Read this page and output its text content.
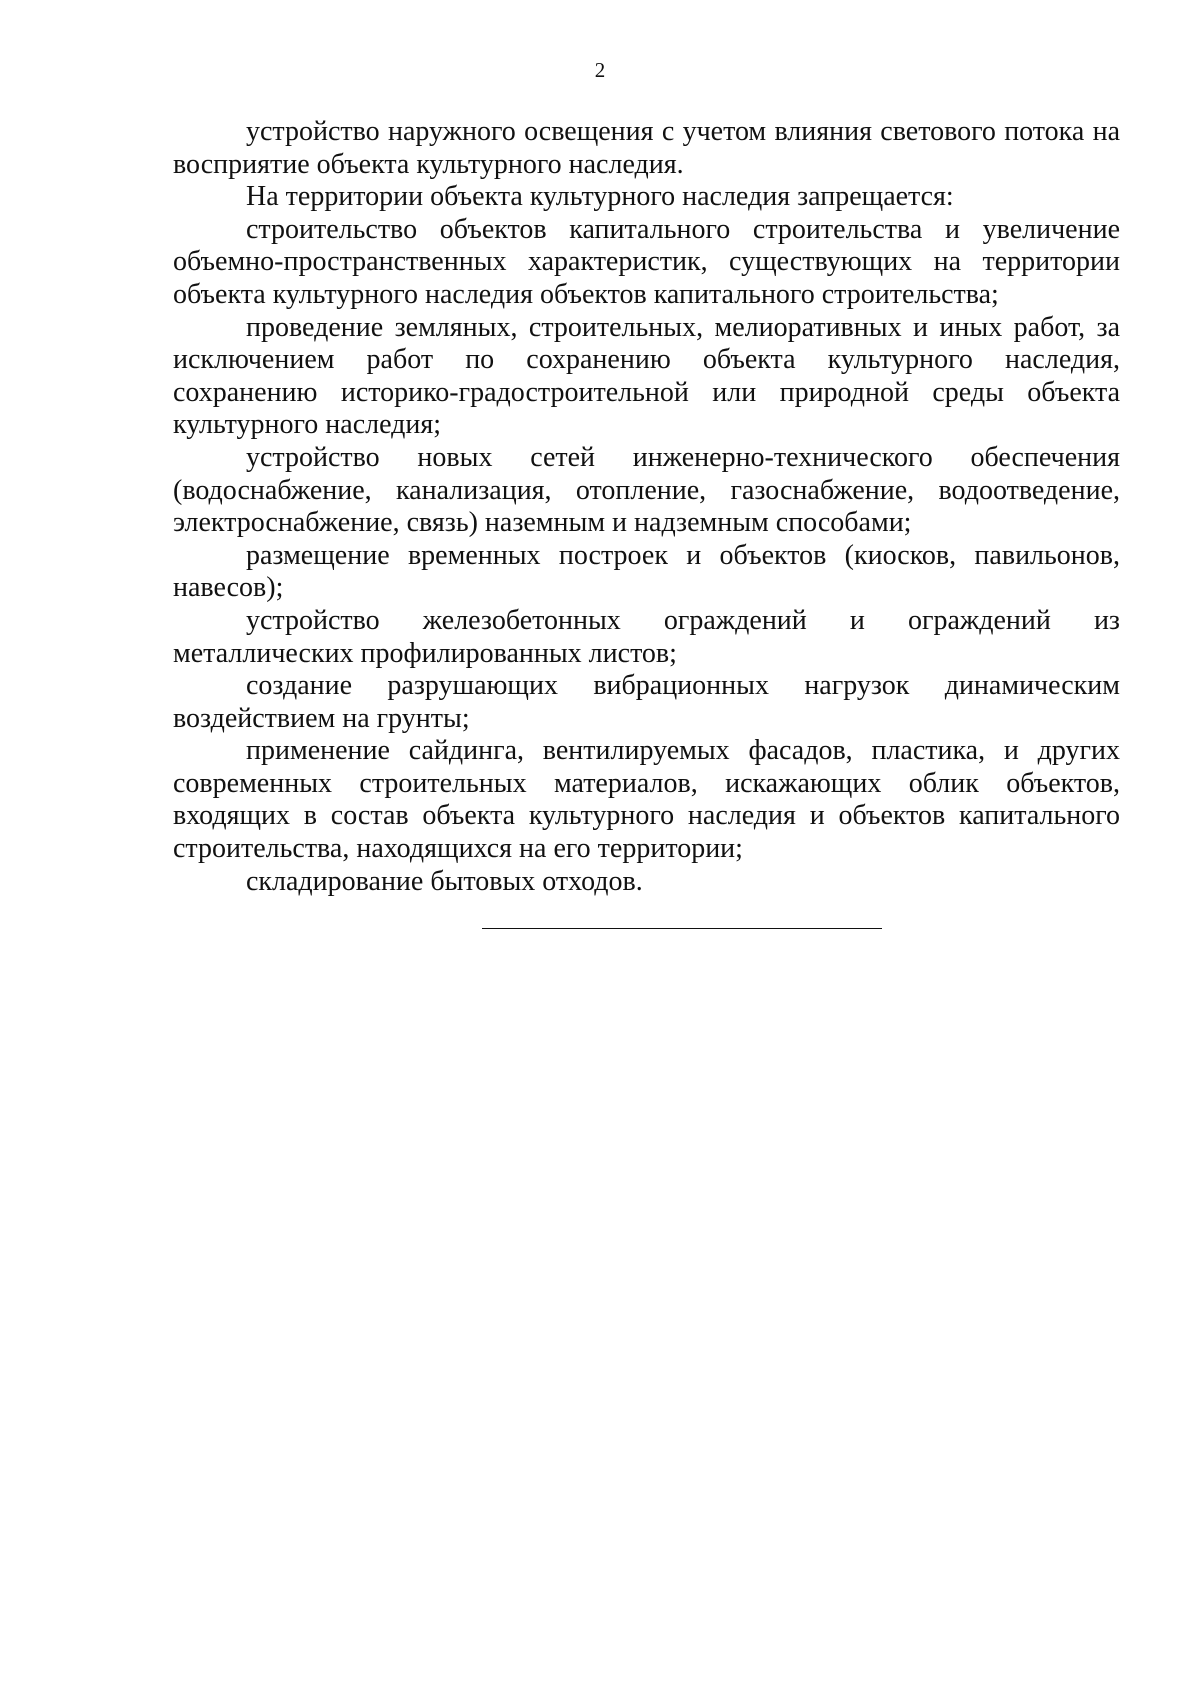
2

устройство наружного освещения с учетом влияния светового потока на восприятие объекта культурного наследия.

На территории объекта культурного наследия запрещается:

строительство объектов капитального строительства и увеличение объемно-пространственных характеристик, существующих на территории объекта культурного наследия объектов капитального строительства;

проведение земляных, строительных, мелиоративных и иных работ, за исключением работ по сохранению объекта культурного наследия, сохранению историко-градостроительной или природной среды объекта культурного наследия;

устройство новых сетей инженерно-технического обеспечения (водоснабжение, канализация, отопление, газоснабжение, водоотведение, электроснабжение, связь) наземным и надземным способами;

размещение временных построек и объектов (киосков, павильонов, навесов);

устройство железобетонных ограждений и ограждений из металлических профилированных листов;

создание разрушающих вибрационных нагрузок динамическим воздействием на грунты;

применение сайдинга, вентилируемых фасадов, пластика, и других современных строительных материалов, искажающих облик объектов, входящих в состав объекта культурного наследия и объектов капитального строительства, находящихся на его территории;

складирование бытовых отходов.
